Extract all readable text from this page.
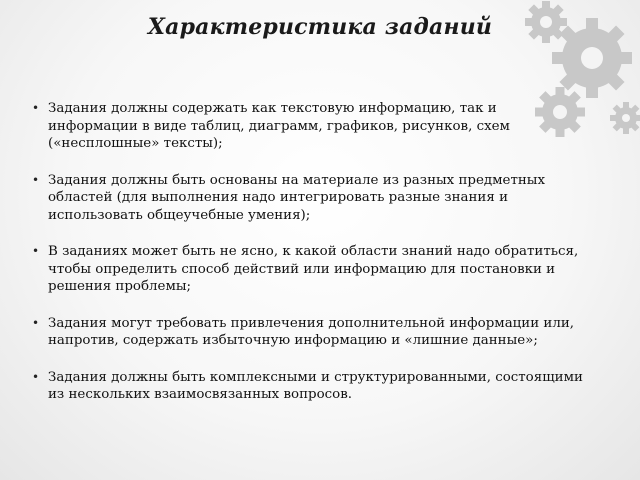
Характеристика заданий
• Задания должны содержать как текстовую информацию, так и информации в виде таблиц, диаграмм, графиков, рисунков, схем («несплошные» тексты);
• Задания должны быть основаны на материале из разных предметных областей (для выполнения надо интегрировать разные знания и использовать общеучебные умения);
• В заданиях может быть не ясно, к какой области знаний надо обратиться, чтобы определить способ действий или информацию для постановки и решения проблемы;
• Задания могут требовать привлечения дополнительной информации или, напротив, содержать избыточную информацию и «лишние данные»;
• Задания должны быть комплексными и структурированными, состоящими из нескольких взаимосвязанных вопросов.
